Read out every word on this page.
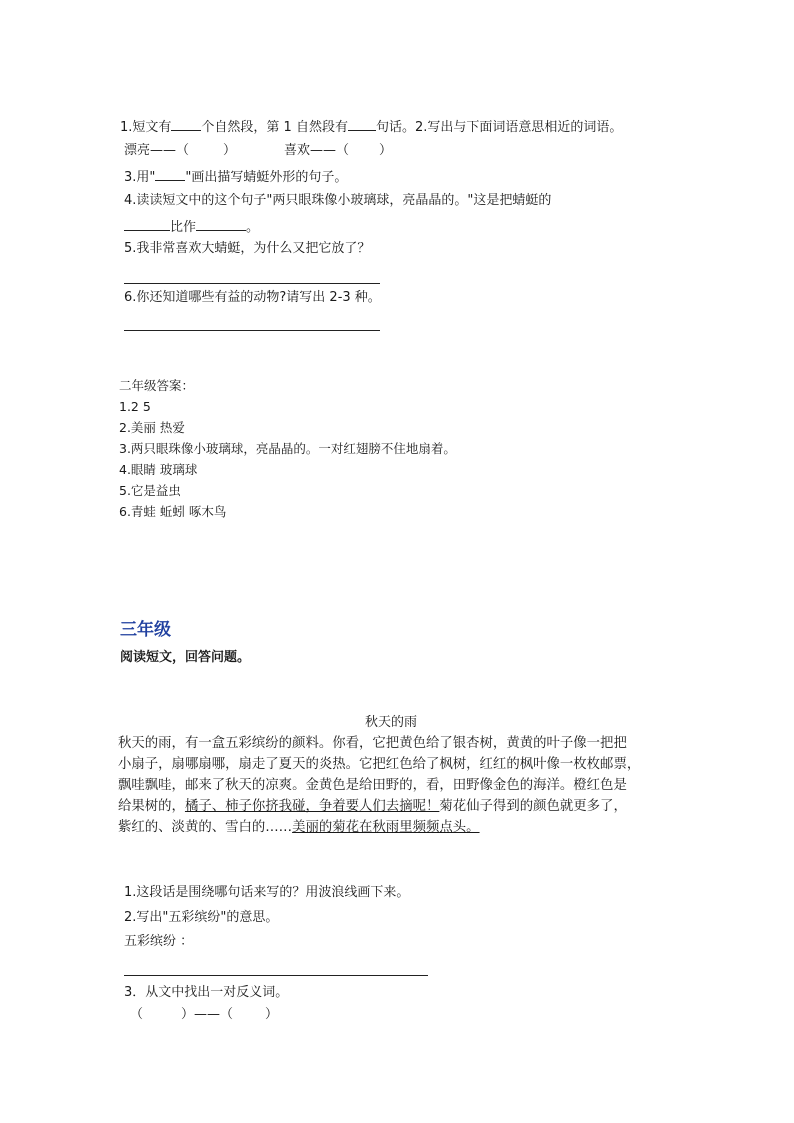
1.短文有 个自然段，第 1 自然段有 句话。2.写出与下面词语意思相近的词语。
漂亮——（	）	喜欢——（ ）
3.用" "画出描写蜻蜓外形的句子。
4.读读短文中的这个句子"两只眼珠像小玻璃球，亮晶晶的。"这是把蜻蜓的
比作	。
5.我非常喜欢大蜻蜓，为什么又把它放了？
6.你还知道哪些有益的动物?请写出 2-3 种。
二年级答案：
1.2 5
2.美丽 热爱
3.两只眼珠像小玻璃球，亮晶晶的。一对红翅膀不住地扇着。
4.眼睛 玻璃球
5.它是益虫
6.青蛙 蚯蚓 啄木鸟
三年级
阅读短文，回答问题。
秋天的雨
秋天的雨，有一盒五彩缤纷的颜料。你看，它把黄色给了银杏树，黄黄的叶子像一把把
小扇子，扇哪扇哪，扇走了夏天的炎热。它把红色给了枫树，红红的枫叶像一枚枚邮票，
飘哇飘哇，邮来了秋天的凉爽。金黄色是给田野的，看，田野像金色的海洋。橙红色是
给果树的，橘子、柿子你挤我碰，争着要人们去摘呢！菊花仙子得到的颜色就更多了，
紫红的、淡黄的、雪白的……美丽的菊花在秋雨里频频点头。
1.这段话是围绕哪句话来写的？用波浪线画下来。
2.写出"五彩缤纷"的意思。
五彩缤纷 ：
3．从文中找出一对反义词。
（	）——（ ）
